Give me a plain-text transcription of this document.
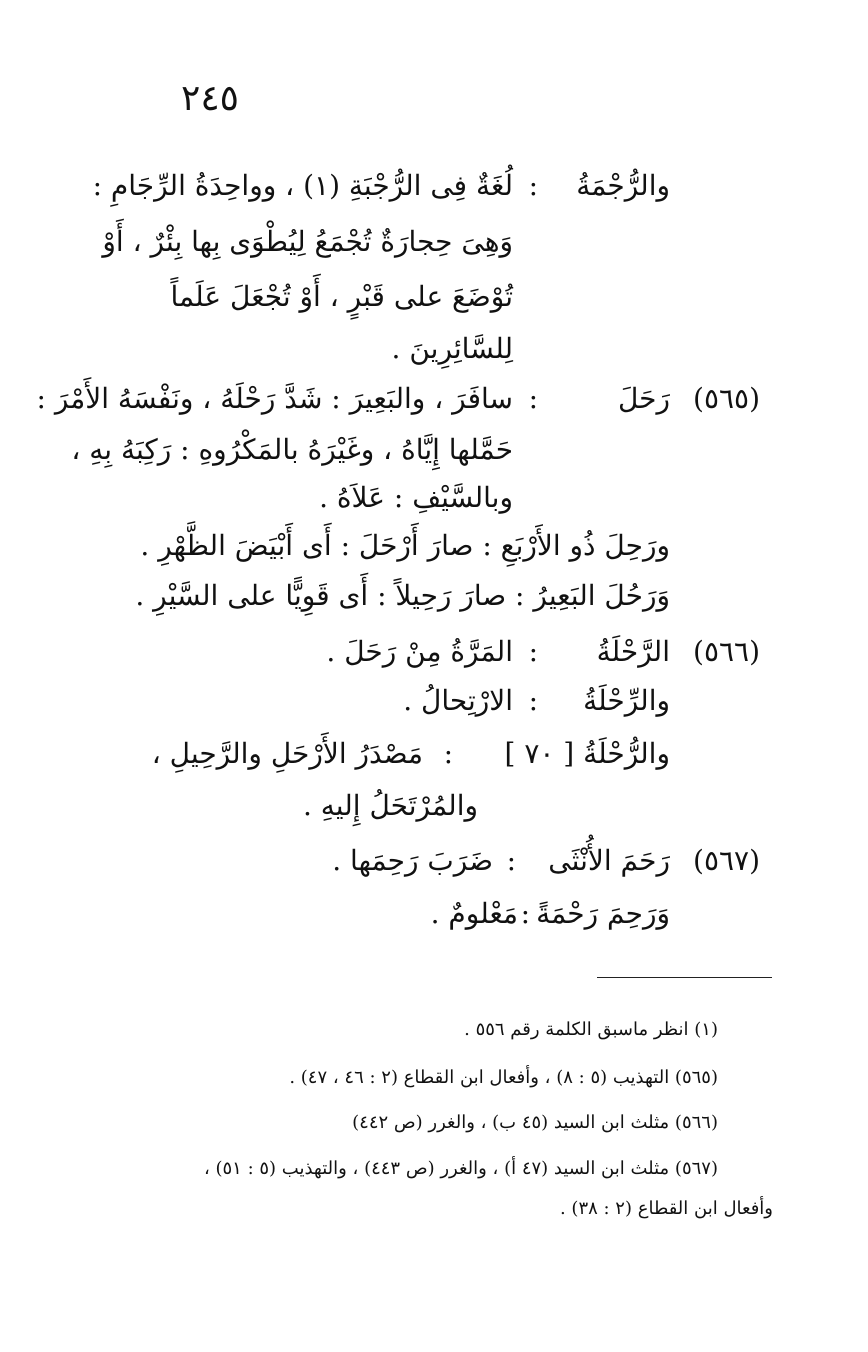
٢٤٥
والرُّجْمَةُ
:
لُغَةٌ فِى الرُّجْبَةِ (١) ، وواحِدَةُ الرِّجَامِ :
وَهِىَ حِجارَةٌ تُجْمَعُ لِيُطْوَى بِها بِئْرٌ ، أَوْ
تُوْضَعَ على قَبْرٍ ، أَوْ تُجْعَلَ عَلَماً
لِلسَّائِرِينَ .
(٥٦٥)
رَحَلَ
:
سافَرَ ، والبَعِيرَ : شَدَّ رَحْلَهُ ، ونَفْسَهُ الأَمْرَ :
حَمَّلها إِيَّاهُ ، وغَيْرَهُ بالمَكْرُوهِ : رَكِبَهُ بِهِ ،
وبالسَّيْفِ : عَلاَهُ .
ورَحِلَ ذُو الأَرْبَعِ : صارَ أَرْحَلَ : أَى أَبْيَضَ الظَّهْرِ .
وَرَحُلَ البَعِيرُ : صارَ رَحِيلاً : أَى قَوِيًّا على السَّيْرِ .
(٥٦٦)
الرَّحْلَةُ
:
المَرَّةُ مِنْ رَحَلَ .
والرِّحْلَةُ
:
الارْتِحالُ .
والرُّحْلَةُ [ ٧٠ ]
:
مَصْدَرُ الأَرْحَلِ والرَّحِيلِ ،
والمُرْتَحَلُ إِليهِ .
(٥٦٧)
رَحَمَ الأُنْثَى
:
ضَرَبَ رَحِمَها .
وَرَحِمَ رَحْمَةً
:
مَعْلومٌ .
(١) انظر ماسبق الكلمة رقم ٥٥٦ .
(٥٦٥) التهذيب (٥ : ٨) ، وأفعال ابن القطاع (٢ : ٤٦ ، ٤٧) .
(٥٦٦) مثلث ابن السيد (٤٥ ب) ، والغرر (ص ٤٤٢)
(٥٦٧) مثلث ابن السيد (٤٧ أ) ، والغرر (ص ٤٤٣) ، والتهذيب (٥ : ٥١) ،
وأفعال ابن القطاع (٢ : ٣٨) .
